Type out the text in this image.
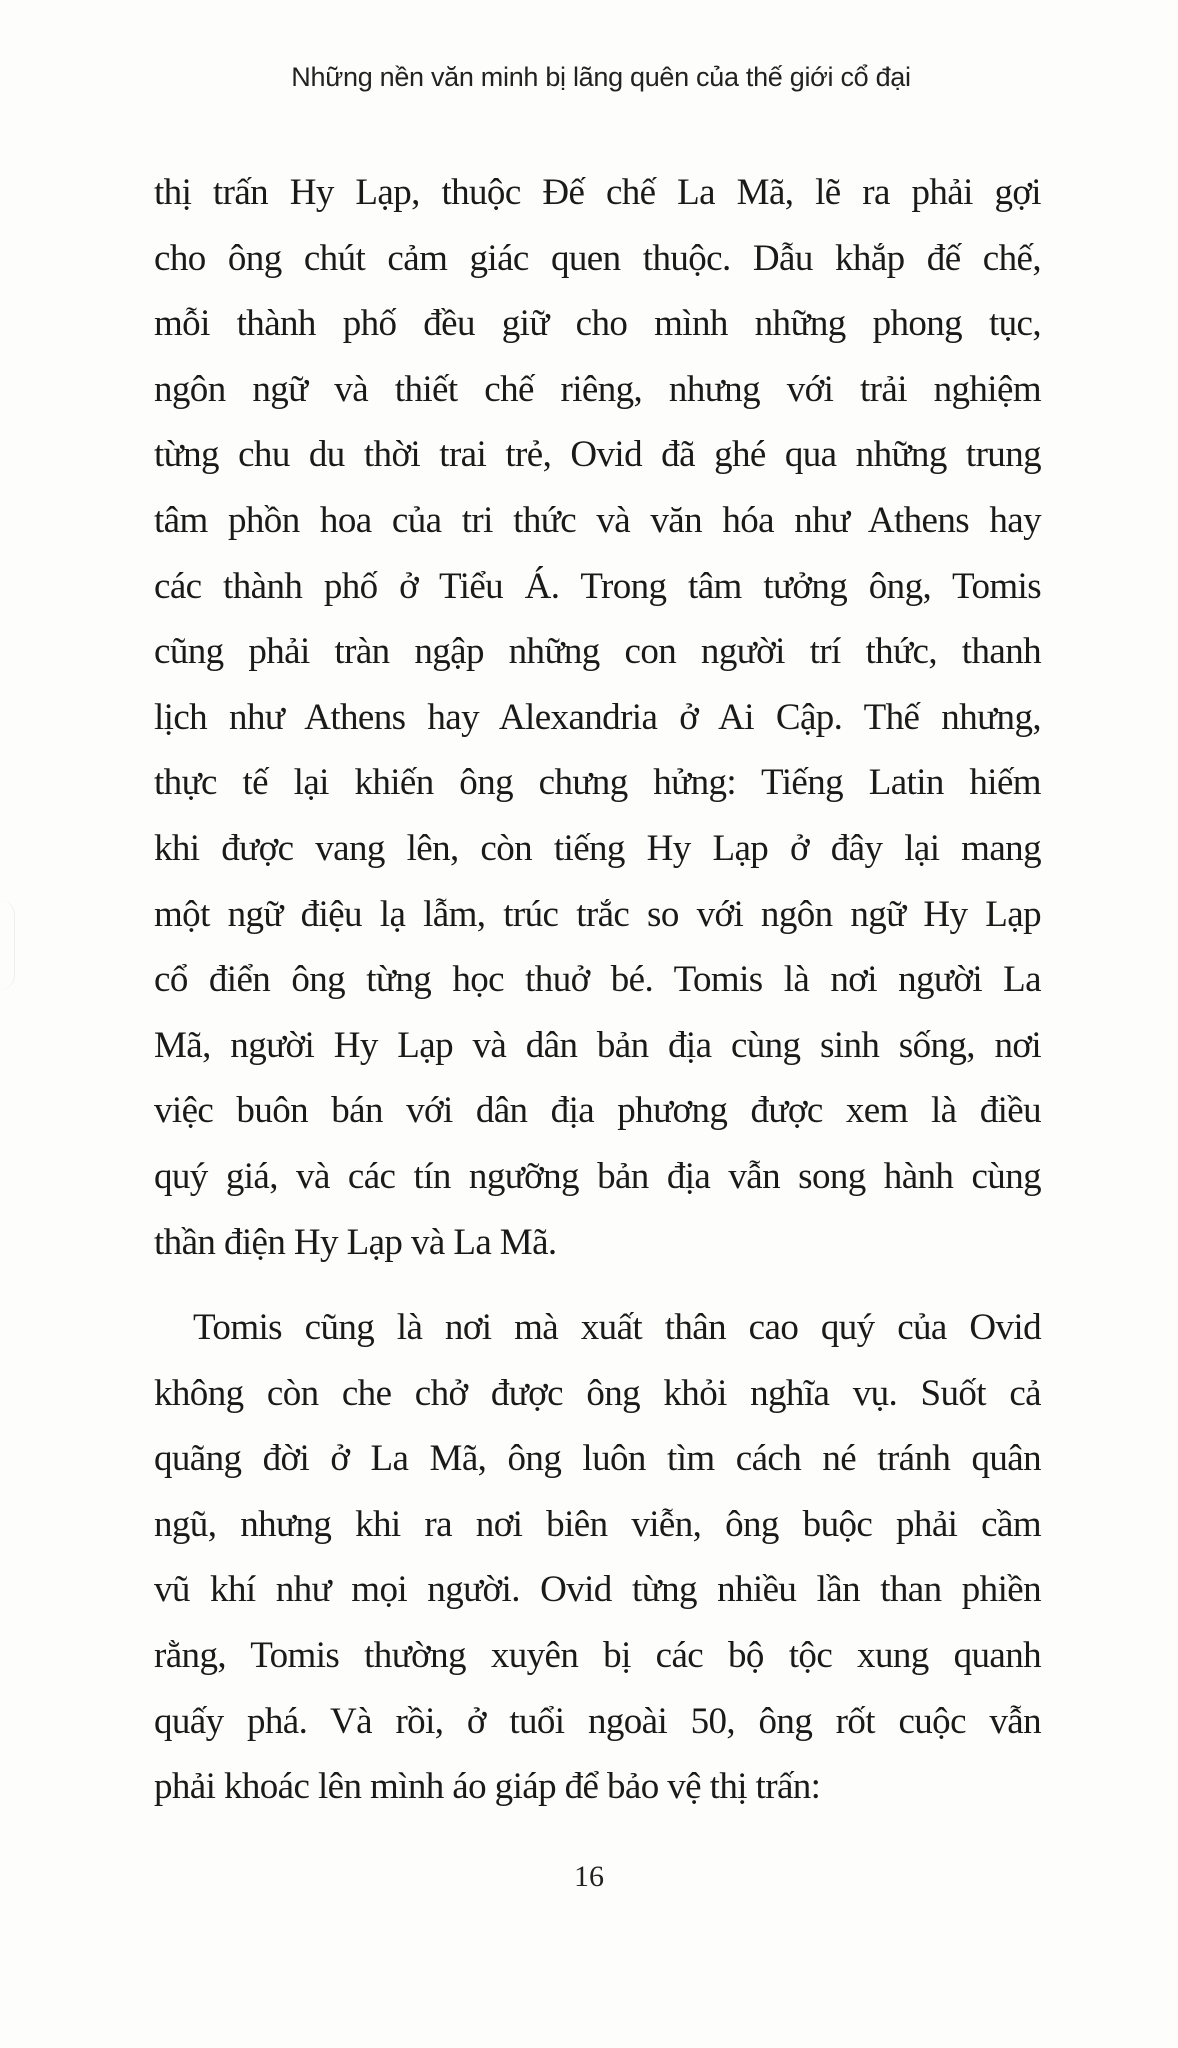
Những nền văn minh bị lãng quên của thế giới cổ đại
thị trấn Hy Lạp, thuộc Đế chế La Mã, lẽ ra phải gợi
cho ông chút cảm giác quen thuộc. Dẫu khắp đế chế,
mỗi thành phố đều giữ cho mình những phong tục,
ngôn ngữ và thiết chế riêng, nhưng với trải nghiệm
từng chu du thời trai trẻ, Ovid đã ghé qua những trung
tâm phồn hoa của tri thức và văn hóa như Athens hay
các thành phố ở Tiểu Á. Trong tâm tưởng ông, Tomis
cũng phải tràn ngập những con người trí thức, thanh
lịch như Athens hay Alexandria ở Ai Cập. Thế nhưng,
thực tế lại khiến ông chưng hửng: Tiếng Latin hiếm
khi được vang lên, còn tiếng Hy Lạp ở đây lại mang
một ngữ điệu lạ lẫm, trúc trắc so với ngôn ngữ Hy Lạp
cổ điển ông từng học thuở bé. Tomis là nơi người La
Mã, người Hy Lạp và dân bản địa cùng sinh sống, nơi
việc buôn bán với dân địa phương được xem là điều
quý giá, và các tín ngưỡng bản địa vẫn song hành cùng
thần điện Hy Lạp và La Mã.
Tomis cũng là nơi mà xuất thân cao quý của Ovid
không còn che chở được ông khỏi nghĩa vụ. Suốt cả
quãng đời ở La Mã, ông luôn tìm cách né tránh quân
ngũ, nhưng khi ra nơi biên viễn, ông buộc phải cầm
vũ khí như mọi người. Ovid từng nhiều lần than phiền
rằng, Tomis thường xuyên bị các bộ tộc xung quanh
quấy phá. Và rồi, ở tuổi ngoài 50, ông rốt cuộc vẫn
phải khoác lên mình áo giáp để bảo vệ thị trấn:
16
